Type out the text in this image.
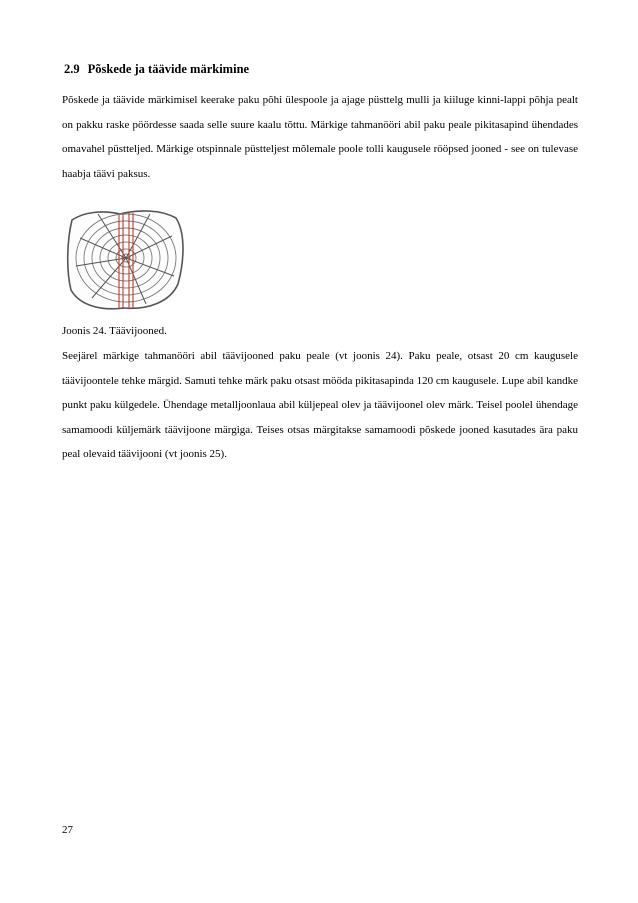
2.9 Põskede ja täävide märkimine

Põskede ja täävide märkimisel keerake paku põhi ülespoole ja ajage püsttelg mulli ja kiiluge kinni-lappi põhja pealt on pakku raske pöördesse saada selle suure kaalu tõttu. Märkige tahmanööri abil paku peale pikitasapind ühendades omavahel püstteljed. Märkige otspinnale püstteljest mõlemale poole tolli kaugusele rööpsed jooned - see on tulevase haabja täävi paksus.

Joonis 24. Täävijooned.

Seejärel märkige tahmanööri abil täävijooned paku peale (vt joonis 24). Paku peale, otsast 20 cm kaugusele täävijoontele tehke märgid. Samuti tehke märk paku otsast mööda pikitasapinda 120 cm kaugusele. Lupe abil kandke punkt paku külgedele. Ühendage metalljoonlaua abil küljepeal olev ja täävijoonel olev märk. Teisel poolel ühendage samamoodi küljemärk täävijoone märgiga. Teises otsas märgitakse samamoodi põskede jooned kasutades ära paku peal olevaid täävijooni (vt joonis 25).

27
